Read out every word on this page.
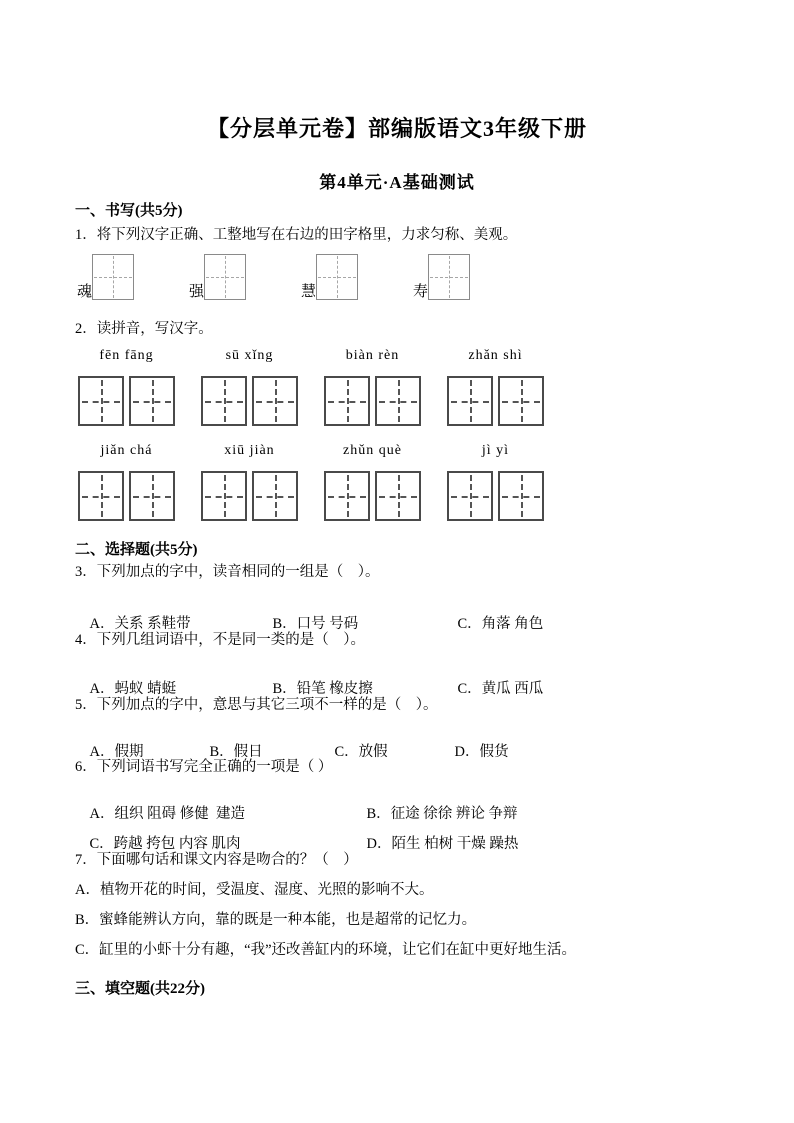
【分层单元卷】部编版语文3年级下册
第4单元·A基础测试
一、书写(共5分)
1．将下列汉字正确、工整地写在右边的田字格里，力求匀称、美观。
魂	强	慧	寿
2．读拼音，写汉字。
fēn fāng	sū xǐng	biàn rèn	zhǎn shì
jiǎn chá	xiū jiàn	zhǔn què	jì yì
二、选择题(共5分)
3．下列加点的字中，读音相同的一组是（　）。

A．关系 系鞋带	B．口号 号码	C．角落 角色

4．下列几组词语中，不是同一类的是（　）。

A．蚂蚁 蜻蜓	B．铅笔 橡皮擦	C．黄瓜 西瓜

5．下列加点的字中，意思与其它三项不一样的是（　）。

A．假期	B．假日	C．放假	D．假货

6．下列词语书写完全正确的一项是（ ）

A．组织 阻碍 修健  建造	B．征途 徐徐 辨论 争辩

C．跨越 挎包 内容 肌肉	D．陌生 柏树 干燥 躁热

7．下面哪句话和课文内容是吻合的？（　）
A．植物开花的时间，受温度、湿度、光照的影响不大。
B．蜜蜂能辨认方向，靠的既是一种本能，也是超常的记忆力。
C．缸里的小虾十分有趣，“我”还改善缸内的环境，让它们在缸中更好地生活。
三、填空题(共22分)
